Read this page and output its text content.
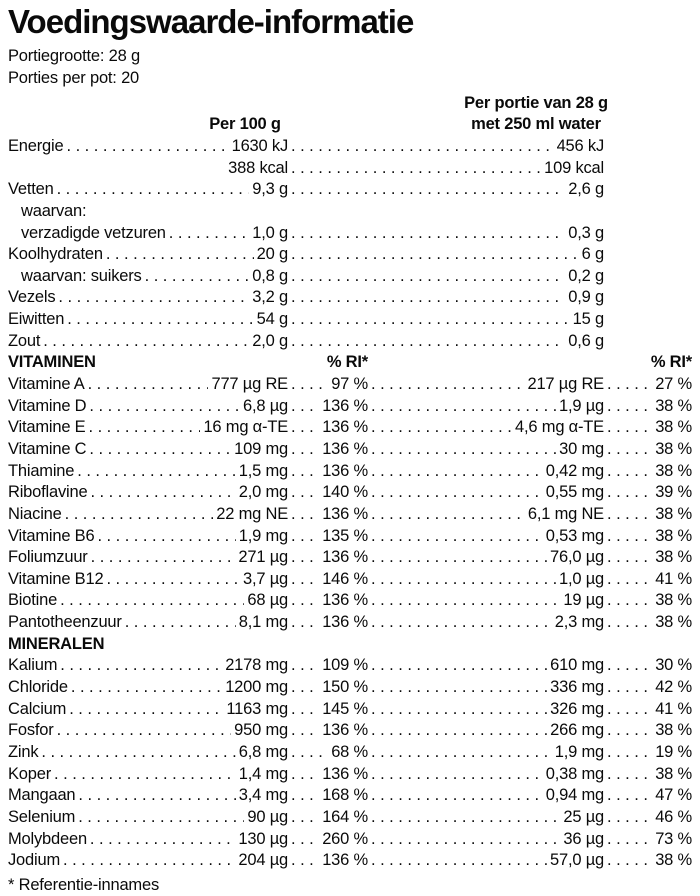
Voedingswaarde-informatie
Portiegrootte: 28 g
Porties per pot: 20
Per 100 g
Per portie van 28 g
met 250 ml water
Energie .....	1630 kJ .....	456 kJ
388 kcal .....	109 kcal
Vetten .....	9,3 g .....	2,6 g
waarvan:
verzadigde vetzuren .....	1,0 g .....	0,3 g
Koolhydraten .....	20 g .....	6 g
waarvan: suikers .....	0,8 g .....	0,2 g
Vezels .....	3,2 g .....	0,9 g
Eiwitten .....	54 g .....	15 g
Zout .....	2,0 g .....	0,6 g
VITAMINEN	% RI*	% RI*
Vitamine A .....	777 µg RE .....	97 % .....	217 µg RE .....	27 %
Vitamine D .....	6,8 µg ..... 136 % .....	1,9 µg .....	38 %
Vitamine E .....	16 mg α-TE ..... 136 % .....	4,6 mg α-TE .....	38 %
Vitamine C .....	109 mg ..... 136 % .....	30 mg .....	38 %
Thiamine .....	1,5 mg ..... 136 % .....	0,42 mg .....	38 %
Riboflavine .....	2,0 mg ..... 140 % .....	0,55 mg .....	39 %
Niacine .....	22 mg NE ..... 136 % .....	6,1 mg NE .....	38 %
Vitamine B6 .....	1,9 mg ..... 135 % .....	0,53 mg .....	38 %
Foliumzuur .....	271 µg ..... 136 % .....	76,0 µg .....	38 %
Vitamine B12 .....	3,7 µg ..... 146 % .....	1,0 µg .....	41 %
Biotine .....	68 µg ..... 136 % .....	19 µg .....	38 %
Pantotheenzuur .....	8,1 mg ..... 136 % .....	2,3 mg .....	38 %
MINERALEN
Kalium .....	2178 mg ..... 109 % .....	610 mg .....	30 %
Chloride .....	1200 mg ..... 150 % .....	336 mg .....	42 %
Calcium .....	1163 mg ..... 145 % .....	326 mg .....	41 %
Fosfor .....	950 mg ..... 136 % .....	266 mg .....	38 %
Zink .....	6,8 mg .....	68 % .....	1,9 mg .....	19 %
Koper .....	1,4 mg ..... 136 % .....	0,38 mg .....	38 %
Mangaan .....	3,4 mg ..... 168 % .....	0,94 mg .....	47 %
Selenium .....	90 µg ..... 164 % .....	25 µg .....	46 %
Molybdeen .....	130 µg ..... 260 % .....	36 µg .....	73 %
Jodium .....	204 µg ..... 136 % .....	57,0 µg .....	38 %
* Referentie-innames
